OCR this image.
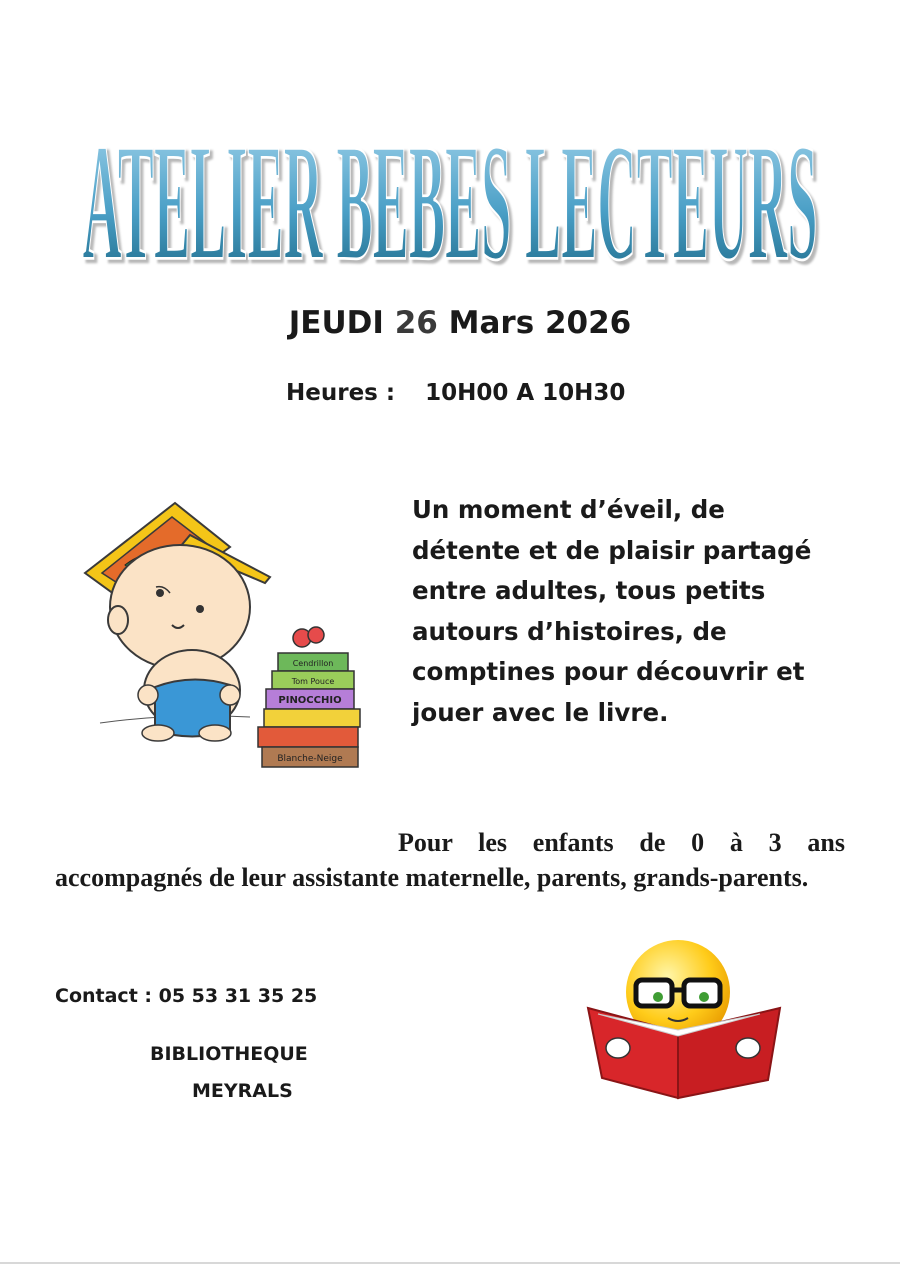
ATELIER BEBES LECTEURS
JEUDI 26 Mars 2026
Heures : 10H00 A 10H30
Un moment d’éveil, de détente et de plaisir partagé entre adultes, tous petits autours d’histoires, de comptines pour découvrir et jouer avec le livre.
Cendrillon
Tom Pouce
PINOCCHIO
Blanche-Neige
Pour les enfants de 0 à 3 ans accompagnés de leur assistante maternelle, parents, grands-parents.
Contact : 05 53 31 35 25
BIBLIOTHEQUE
MEYRALS
